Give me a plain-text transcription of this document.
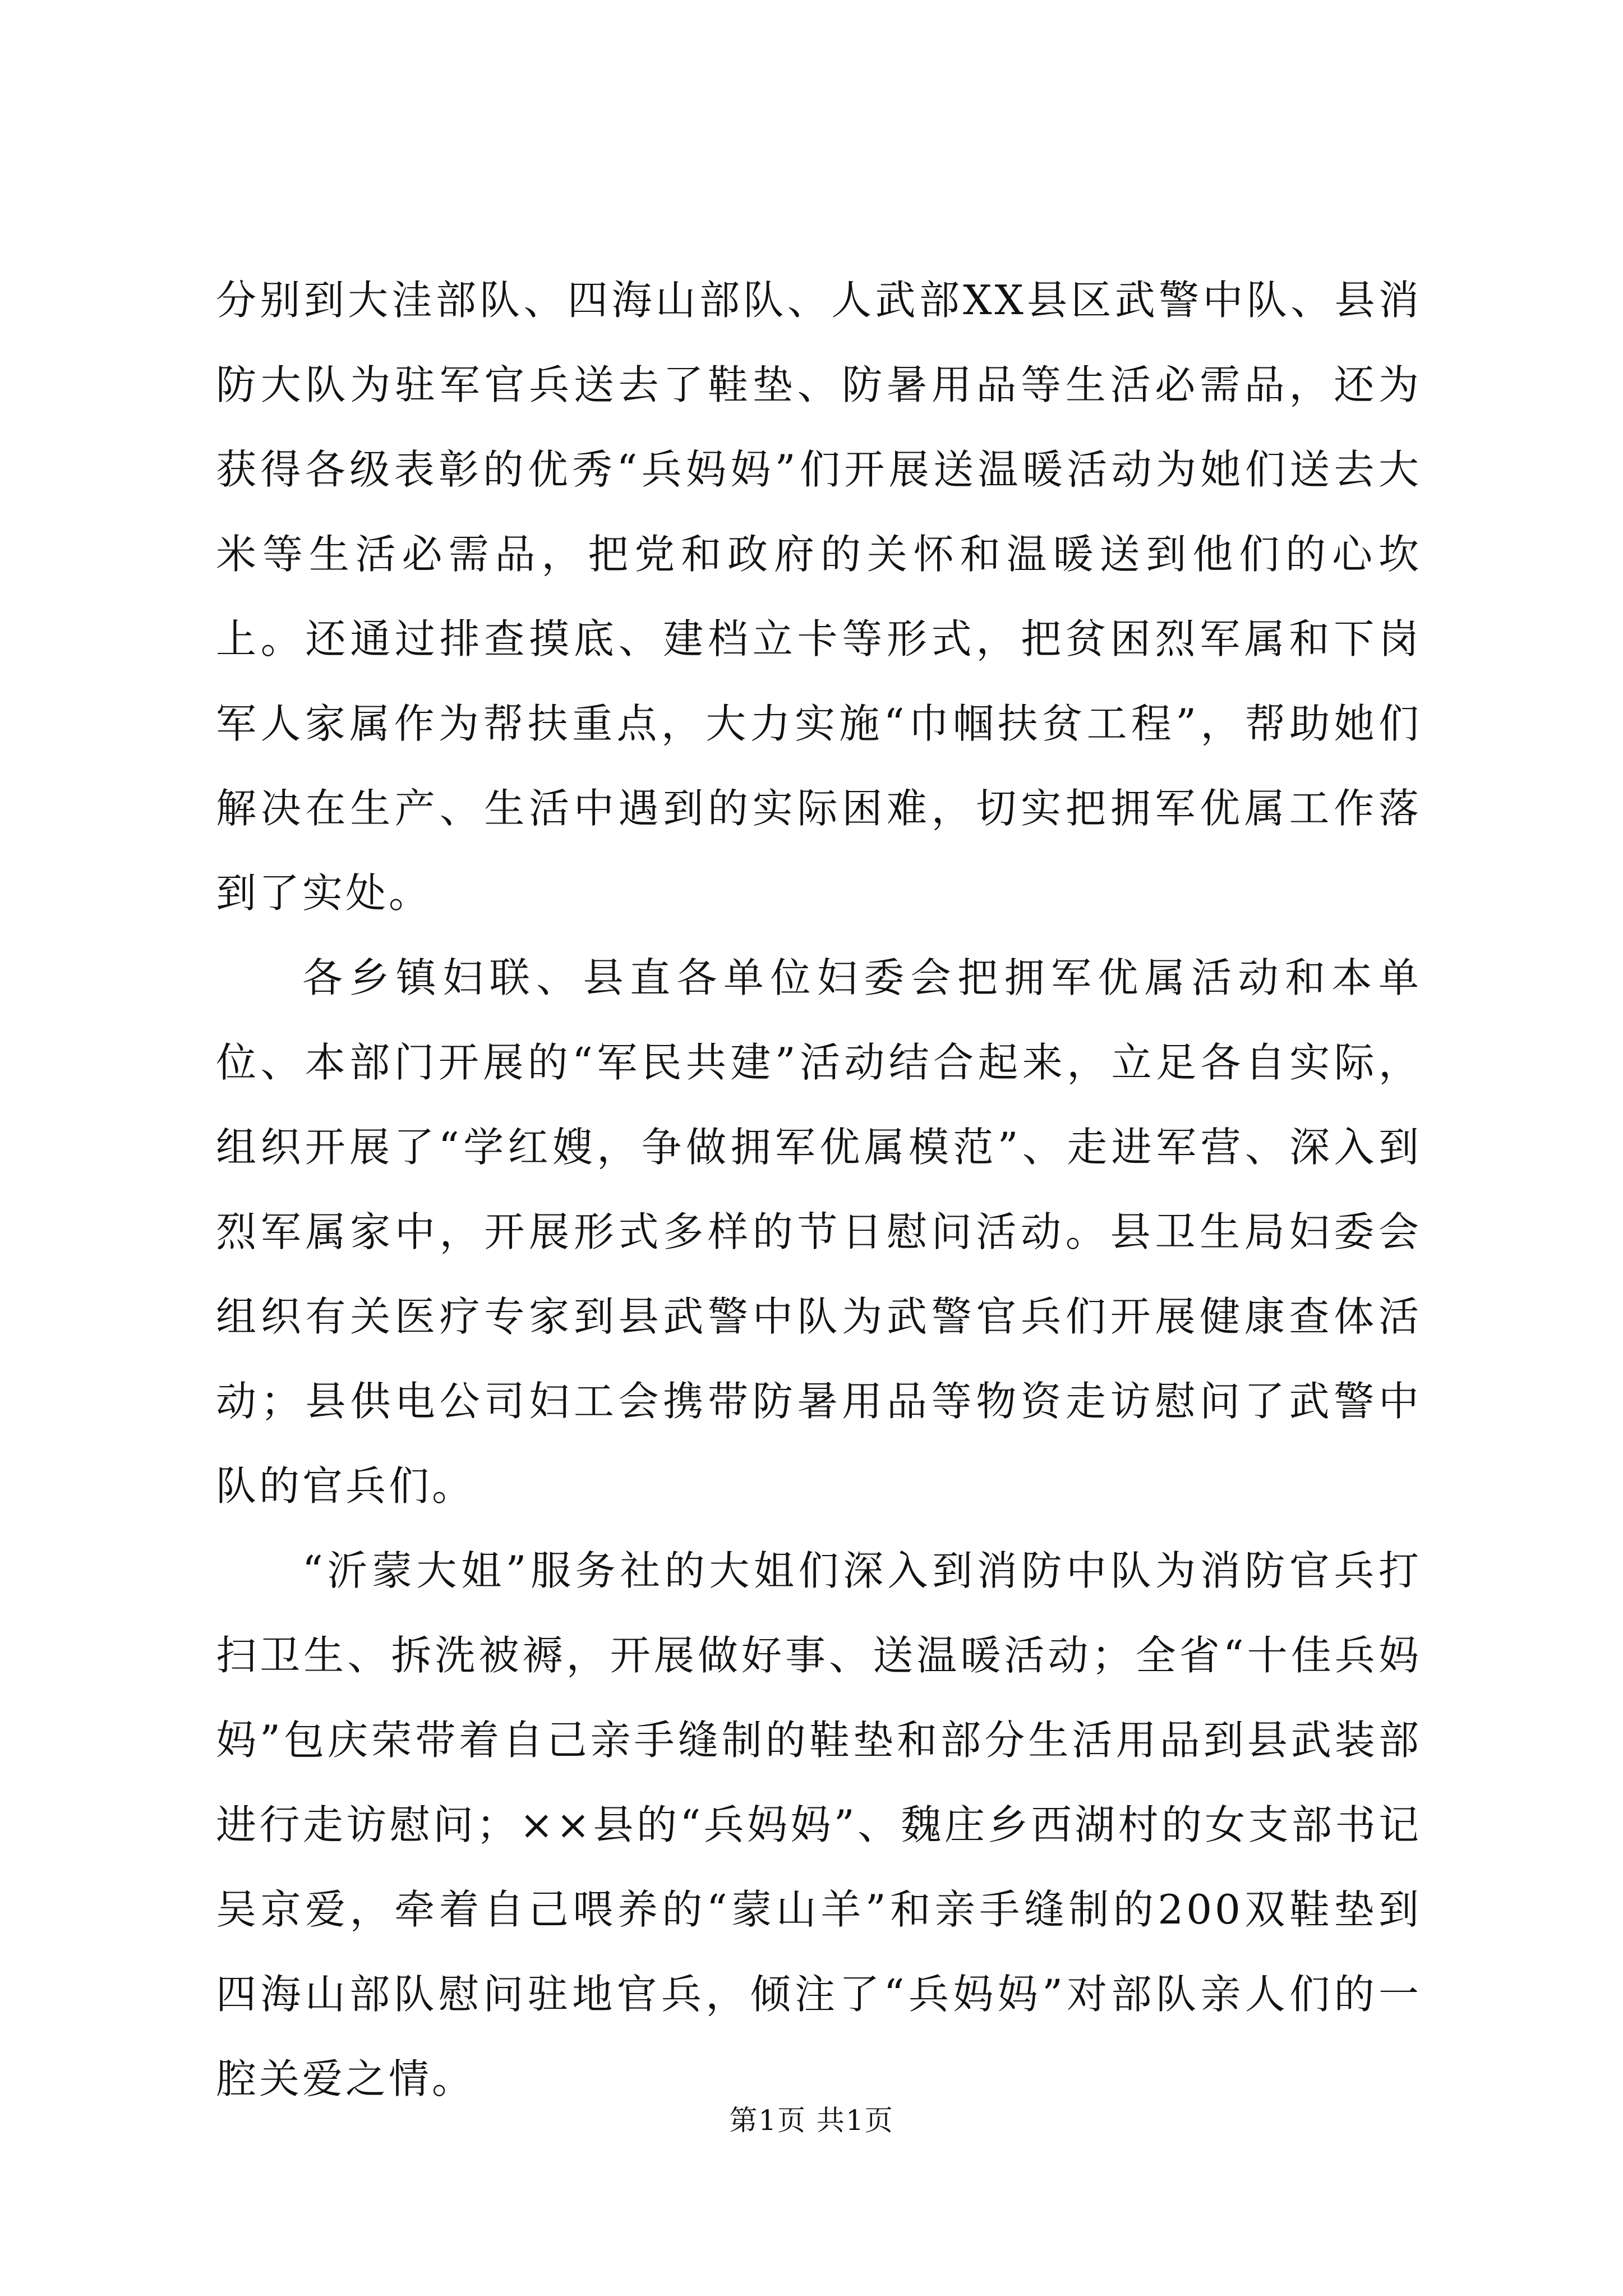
分别到大洼部队、四海山部队、人武部XX县区武警中队、县消防大队为驻军官兵送去了鞋垫、防暑用品等生活必需品，还为获得各级表彰的优秀“兵妈妈”们开展送温暖活动为她们送去大米等生活必需品，把党和政府的关怀和温暖送到他们的心坎上。还通过排查摸底、建档立卡等形式，把贫困烈军属和下岗军人家属作为帮扶重点，大力实施“巾帼扶贫工程”，帮助她们解决在生产、生活中遇到的实际困难，切实把拥军优属工作落到了实处。

各乡镇妇联、县直各单位妇委会把拥军优属活动和本单位、本部门开展的“军民共建”活动结合起来，立足各自实际，组织开展了“学红嫂，争做拥军优属模范”、走进军营、深入到烈军属家中，开展形式多样的节日慰问活动。县卫生局妇委会组织有关医疗专家到县武警中队为武警官兵们开展健康查体活动；县供电公司妇工会携带防暑用品等物资走访慰问了武警中队的官兵们。

“沂蒙大姐”服务社的大姐们深入到消防中队为消防官兵打扫卫生、拆洗被褥，开展做好事、送温暖活动；全省“十佳兵妈妈”包庆荣带着自己亲手缝制的鞋垫和部分生活用品到县武装部进行走访慰问；××县的“兵妈妈”、魏庄乡西湖村的女支部书记吴京爱，牵着自己喂养的“蒙山羊”和亲手缝制的200双鞋垫到四海山部队慰问驻地官兵，倾注了“兵妈妈”对部队亲人们的一腔关爱之情。

第1页 共1页
